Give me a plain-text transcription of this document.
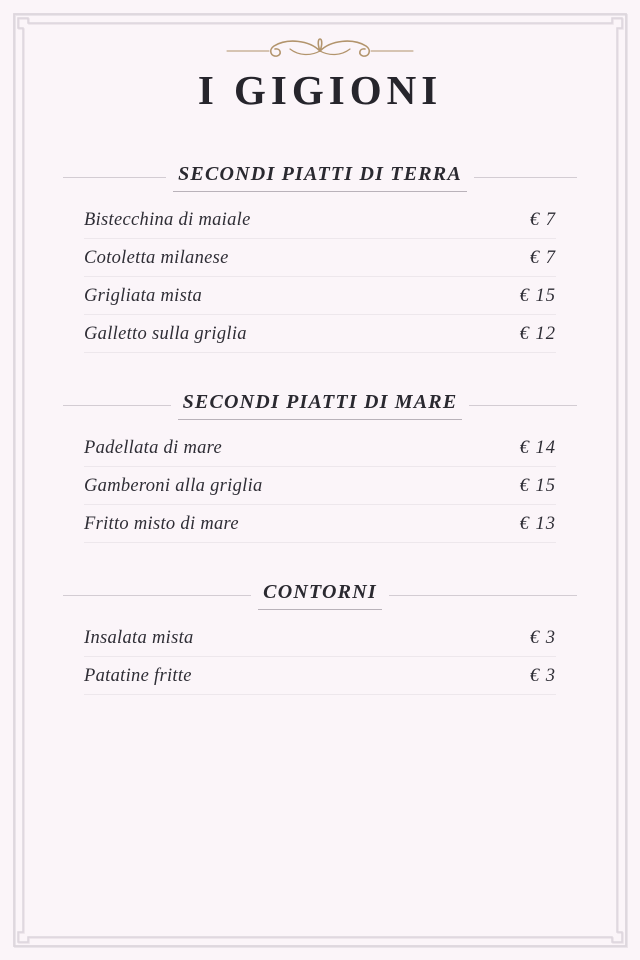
I GIGIONI
SECONDI PIATTI DI TERRA
Bistecchina di maiale	€ 7
Cotoletta milanese	€ 7
Grigliata mista	€ 15
Galletto sulla griglia	€ 12
SECONDI PIATTI DI MARE
Padellata di mare	€ 14
Gamberoni alla griglia	€ 15
Fritto misto di mare	€ 13
CONTORNI
Insalata mista	€ 3
Patatine fritte	€ 3
